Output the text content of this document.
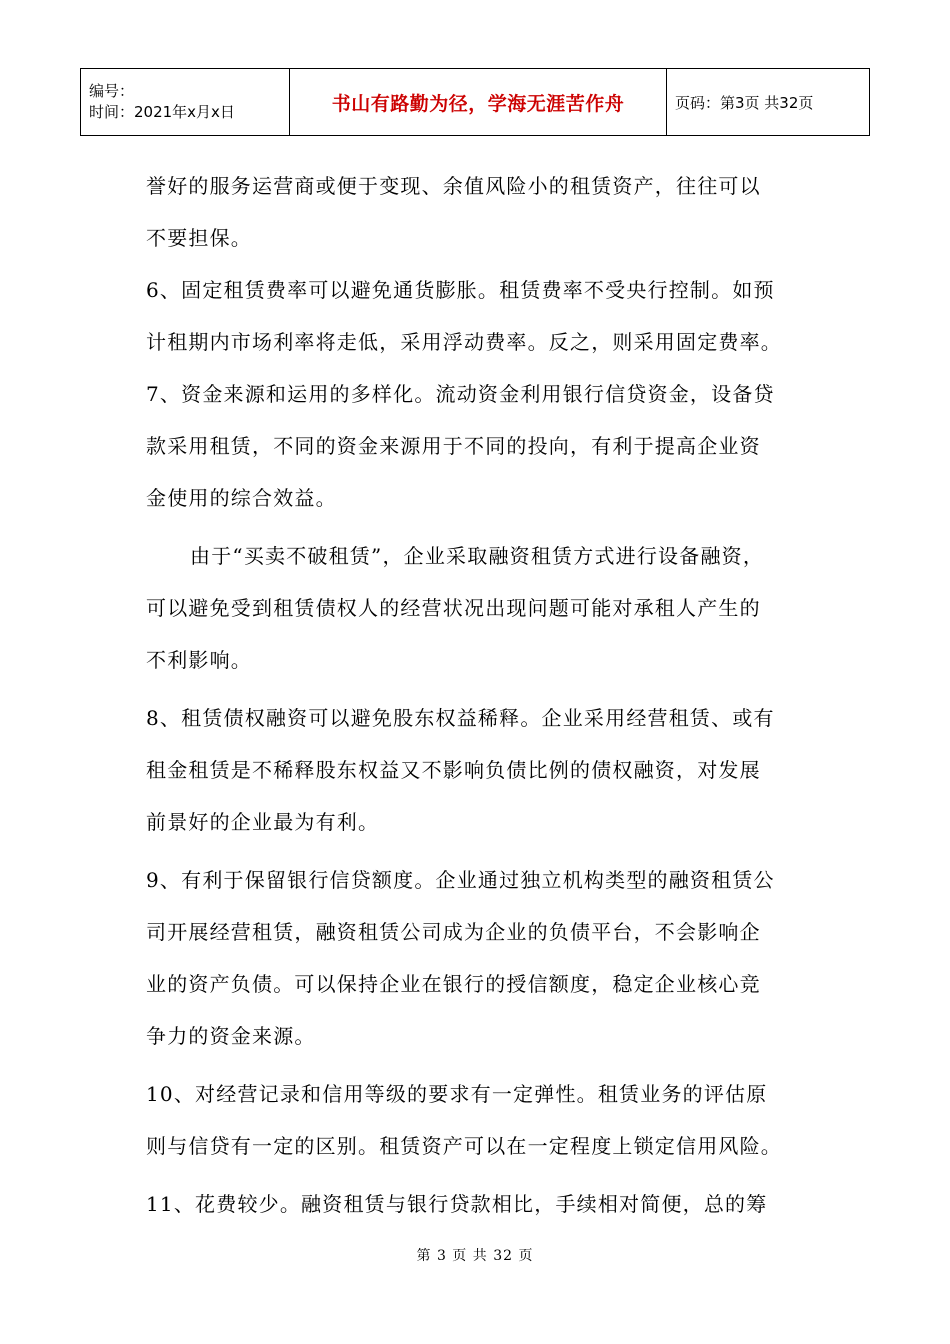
编号：
时间：2021年x月x日	书山有路勤为径，学海无涯苦作舟	页码：第3页 共32页
誉好的服务运营商或便于变现、余值风险小的租赁资产，往往可以
不要担保。
6、固定租赁费率可以避免通货膨胀。租赁费率不受央行控制。如预
计租期内市场利率将走低，采用浮动费率。反之，则采用固定费率。
7、资金来源和运用的多样化。流动资金利用银行信贷资金，设备贷
款采用租赁，不同的资金来源用于不同的投向，有利于提高企业资
金使用的综合效益。
由于“买卖不破租赁”，企业采取融资租赁方式进行设备融资，
可以避免受到租赁债权人的经营状况出现问题可能对承租人产生的
不利影响。
8、租赁债权融资可以避免股东权益稀释。企业采用经营租赁、或有
租金租赁是不稀释股东权益又不影响负债比例的债权融资，对发展
前景好的企业最为有利。
9、有利于保留银行信贷额度。企业通过独立机构类型的融资租赁公
司开展经营租赁，融资租赁公司成为企业的负债平台，不会影响企
业的资产负债。可以保持企业在银行的授信额度，稳定企业核心竞
争力的资金来源。
10、对经营记录和信用等级的要求有一定弹性。租赁业务的评估原
则与信贷有一定的区别。租赁资产可以在一定程度上锁定信用风险。
11、花费较少。融资租赁与银行贷款相比，手续相对简便，总的筹
第 3 页 共 32 页
